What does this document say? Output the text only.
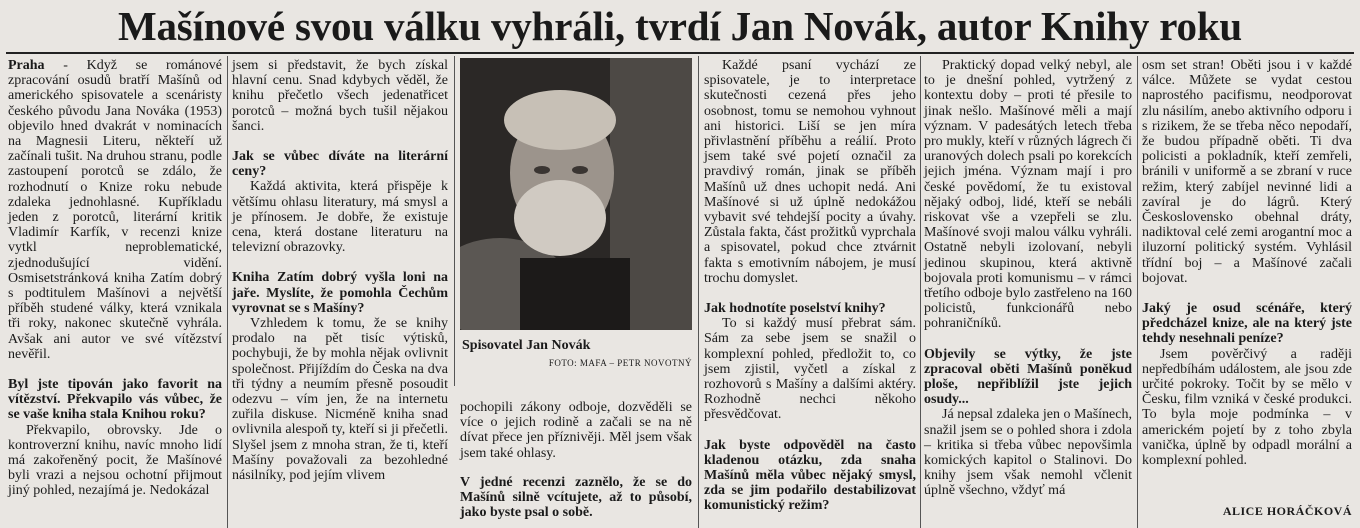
Mašínové svou válku vyhráli, tvrdí Jan Novák, autor Knihy roku

Praha - Když se románové zpracování osudů bratří Mašínů od amerického spisovatele a scenáristy českého původu Jana Nováka (1953) objevilo hned dvakrát v nominacích na Magnesii Literu, někteří už začínali tušit. Na druhou stranu, podle zastoupení porotců se zdálo, že rozhodnutí o Knize roku nebude zdaleka jednohlasné. Kupříkladu jeden z porotců, literární kritik Vladimír Karfík, v recenzi knize vytkl neproblematické, zjednodušující vidění. Osmisetstránková kniha Zatím dobrý s podtitulem Mašínovi a největší příběh studené války, která vznikala tři roky, nakonec skutečně vyhrála. Avšak ani autor ve své vítězství nevěřil.

Byl jste tipován jako favorit na vítězství. Překvapilo vás vůbec, že se vaše kniha stala Knihou roku?

Překvapilo, obrovsky. Jde o kontroverzní knihu, navíc mnoho lidí má zakořeněný pocit, že Mašínové byli vrazi a nejsou ochotní přijmout jiný pohled, nezajímá je. Nedokázal

jsem si představit, že bych získal hlavní cenu. Snad kdybych věděl, že knihu přečetlo všech jedenatřicet porotců – možná bych tušil nějakou šanci.

Jak se vůbec díváte na literární ceny?

Každá aktivita, která přispěje k většímu ohlasu literatury, má smysl a je přínosem. Je dobře, že existuje cena, která dostane literaturu na televizní obrazovky.

Kniha Zatím dobrý vyšla loni na jaře. Myslíte, že pomohla Čechům vyrovnat se s Mašíny?

Vzhledem k tomu, že se knihy prodalo na pět tisíc výtisků, pochybuji, že by mohla nějak ovlivnit společnost. Přijíždím do Česka na dva tři týdny a neumím přesně posoudit odezvu – vím jen, že na internetu zuřila diskuse. Nicméně kniha snad ovlivnila alespoň ty, kteří si ji přečetli. Slyšel jsem z mnoha stran, že ti, kteří Mašíny považovali za bezohledné násilníky, pod jejím vlivem

Spisovatel Jan Novák
FOTO: MAFA – PETR NOVOTNÝ

pochopili zákony odboje, dozvěděli se více o jejich rodině a začali se na ně dívat přece jen příznivěji. Měl jsem však jsem také ohlasy.

V jedné recenzi zaznělo, že se do Mašínů silně vcítujete, až to působí, jako byste psal o sobě.

Každé psaní vychází ze spisovatele, je to interpretace skutečnosti cezená přes jeho osobnost, tomu se nemohou vyhnout ani historici. Liší se jen míra přivlastnění příběhu a reálií. Proto jsem také své pojetí označil za pravdivý román, jinak se příběh Mašínů už dnes uchopit nedá. Ani Mašínové si už úplně nedokážou vybavit své tehdejší pocity a úvahy. Zůstala fakta, část prožitků vyprchala a spisovatel, pokud chce ztvárnit fakta s emotivním nábojem, je musí trochu domyslet.

Jak hodnotíte poselství knihy?

To si každý musí přebrat sám. Sám za sebe jsem se snažil o komplexní pohled, předložit to, co jsem zjistil, vyčetl a získal z rozhovorů s Mašíny a dalšími aktéry. Rozhodně nechci někoho přesvědčovat.

Jak byste odpověděl na často kladenou otázku, zda snaha Mašínů měla vůbec nějaký smysl, zda se jim podařilo destabilizovat komunistický režim?

Praktický dopad velký nebyl, ale to je dnešní pohled, vytržený z kontextu doby – proti té přesile to jinak nešlo. Mašínové měli a mají význam. V padesátých letech třeba pro mukly, kteří v různých lágrech či uranových dolech psali po korekcích jejich jména. Význam mají i pro české povědomí, že tu existoval nějaký odboj, lidé, kteří se nebáli riskovat vše a vzepřeli se zlu. Mašínové svoji malou válku vyhráli. Ostatně nebyli izolovaní, nebyli jedinou skupinou, která aktivně bojovala proti komunismu – v rámci třetího odboje bylo zastřeleno na 160 policistů, funkcionářů nebo pohraničníků.

Objevily se výtky, že jste zpracoval oběti Mašínů poněkud ploše, nepřiblížil jste jejich osudy...

Já nepsal zdaleka jen o Mašínech, snažil jsem se o pohled shora i zdola – kritika si třeba vůbec nepovšimla komických kapitol o Stalinovi. Do knihy jsem však nemohl včlenit úplně všechno, vždyť má

osm set stran! Oběti jsou i v každé válce. Můžete se vydat cestou naprostého pacifismu, neodporovat zlu násilím, anebo aktivního odporu i s rizikem, že se třeba něco nepodaří, že budou případně oběti. Ti dva policisti a pokladník, kteří zemřeli, bránili v uniformě a se zbraní v ruce režim, který zabíjel nevinné lidi a zavíral je do lágrů. Který Československo obehnal dráty, nadiktoval celé zemi arogantní moc a iluzorní politický systém. Vyhlásil třídní boj – a Mašínové začali bojovat.

Jaký je osud scénáře, který předcházel knize, ale na který jste tehdy nesehnali peníze?

Jsem pověrčivý a raději nepředbíhám událostem, ale jsou zde určité pokroky. Točit by se mělo v Česku, film vzniká v české produkci. To byla moje podmínka – v americkém pojetí by z toho zbyla vanička, úplně by odpadl morální a komplexní pohled.

ALICE HORÁČKOVÁ
